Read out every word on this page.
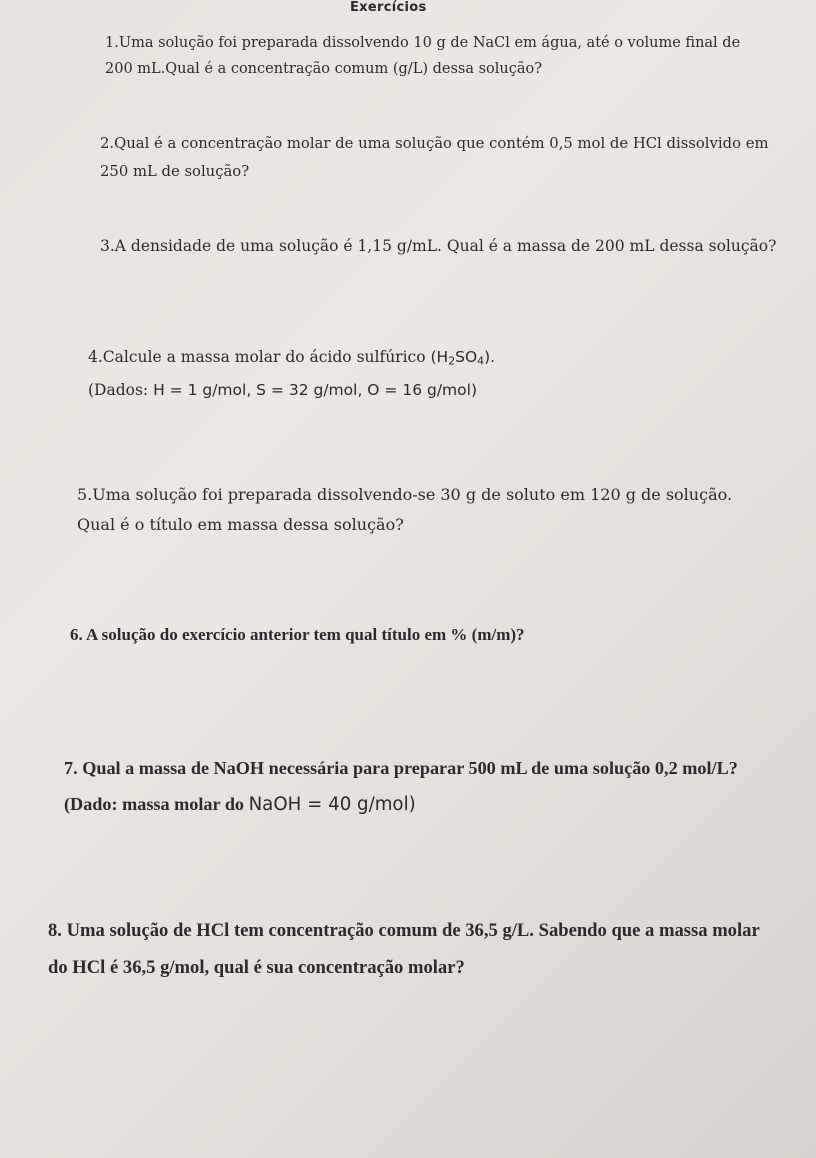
Exercícios

1.Uma solução foi preparada dissolvendo 10 g de NaCl em água, até o volume final de
200 mL.Qual é a concentração comum (g/L) dessa solução?

2.Qual é a concentração molar de uma solução que contém 0,5 mol de HCl dissolvido em
250 mL de solução?

3.A densidade de uma solução é 1,15 g/mL. Qual é a massa de 200 mL dessa solução?

4.Calcule a massa molar do ácido sulfúrico $(H_2SO_4)$.
(Dados: H = 1 g/mol, S = 32 g/mol, O = 16 g/mol)

5.Uma solução foi preparada dissolvendo-se 30 g de soluto em 120 g de solução.
Qual é o título em massa dessa solução?

6. A solução do exercício anterior tem qual título em % (m/m)?

7. Qual a massa de NaOH necessária para preparar 500 mL de uma solução 0,2 mol/L?
(Dado: massa molar do NaOH = 40 g/mol)

8. Uma solução de HCl tem concentração comum de 36,5 g/L. Sabendo que a massa molar
do HCl é 36,5 g/mol, qual é sua concentração molar?
